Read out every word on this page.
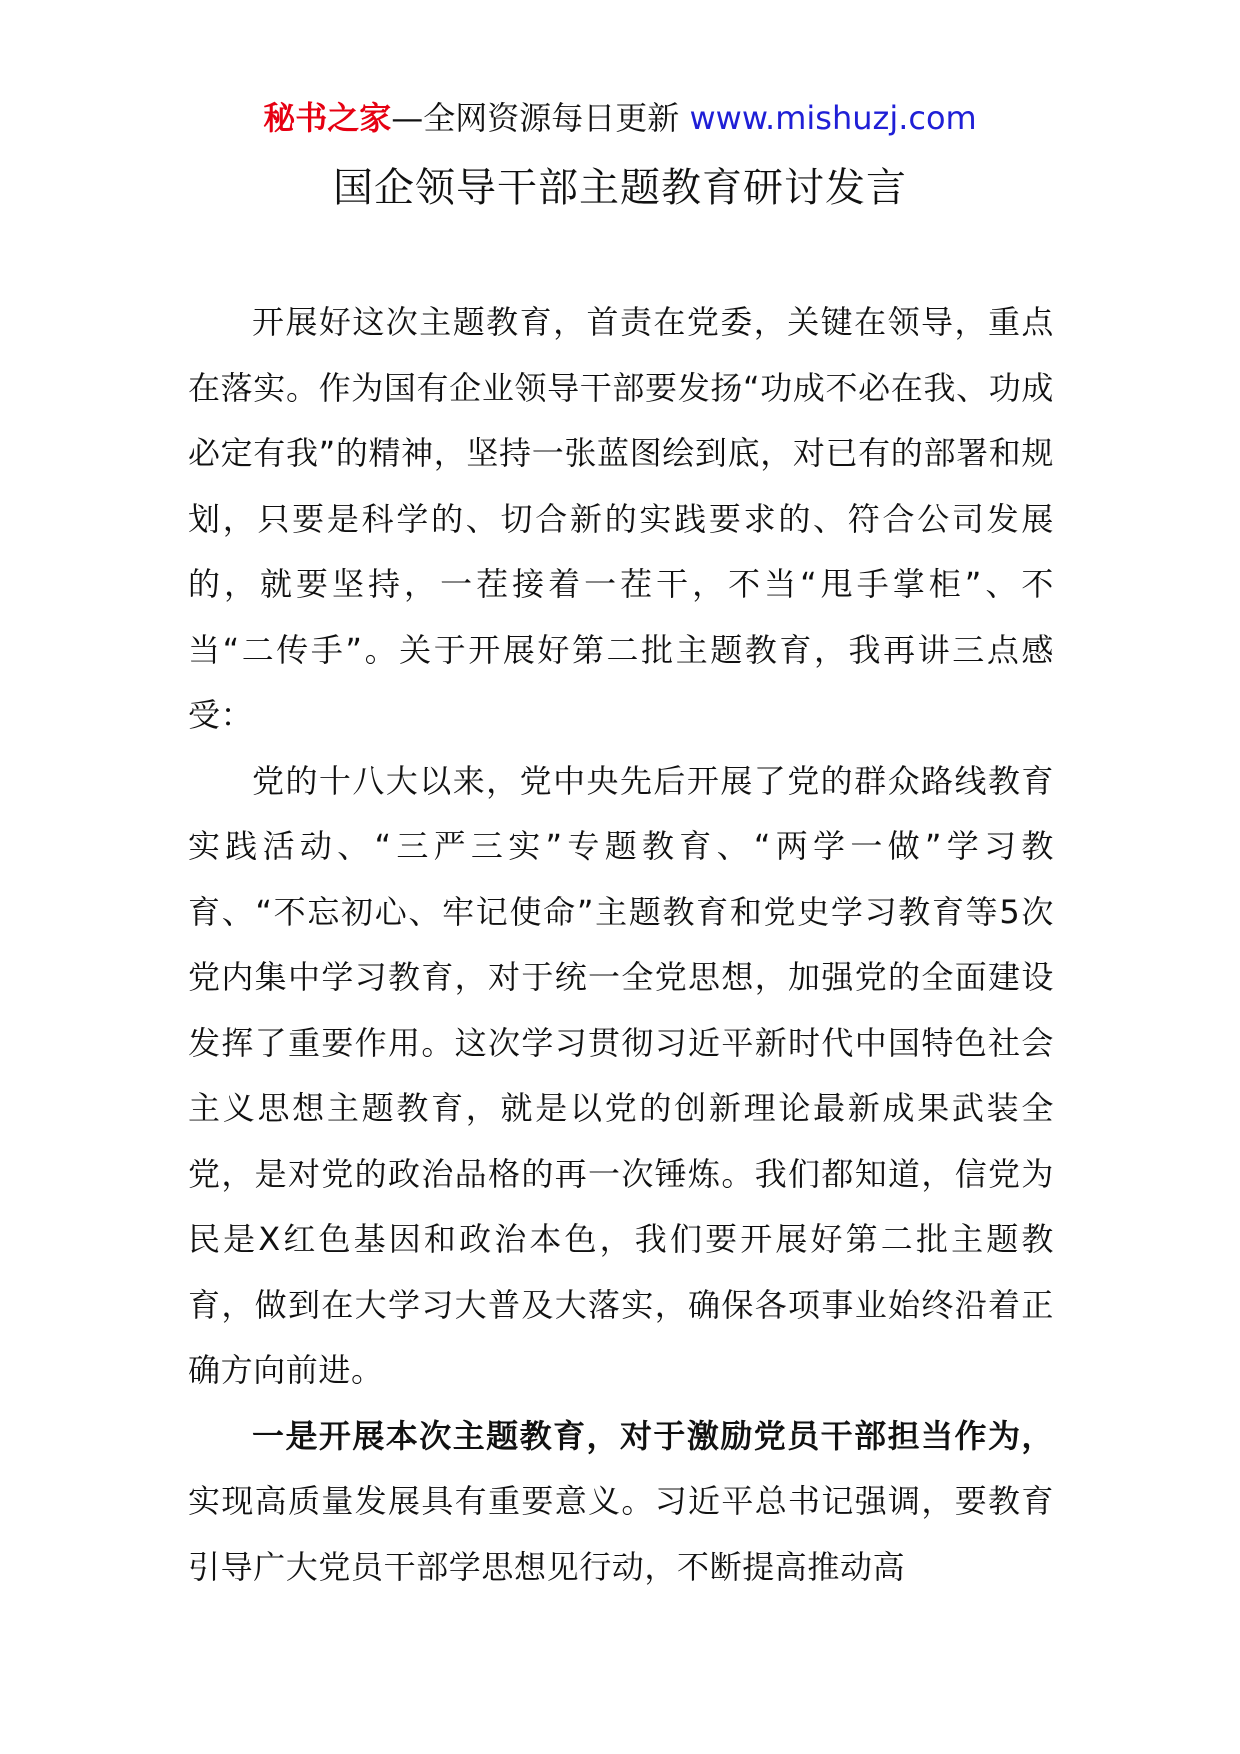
秘书之家—全网资源每日更新 www.mishuzj.com
国企领导干部主题教育研讨发言

开展好这次主题教育，首责在党委，关键在领导，重点在落实。作为国有企业领导干部要发扬“功成不必在我、功成必定有我”的精神，坚持一张蓝图绘到底，对已有的部署和规划，只要是科学的、切合新的实践要求的、符合公司发展的，就要坚持，一茬接着一茬干，不当“甩手掌柜”、不当“二传手”。关于开展好第二批主题教育，我再讲三点感受：

党的十八大以来，党中央先后开展了党的群众路线教育实践活动、“三严三实”专题教育、“两学一做”学习教育、“不忘初心、牢记使命”主题教育和党史学习教育等5次党内集中学习教育，对于统一全党思想，加强党的全面建设发挥了重要作用。这次学习贯彻习近平新时代中国特色社会主义思想主题教育，就是以党的创新理论最新成果武装全党，是对党的政治品格的再一次锤炼。我们都知道，信党为民是X红色基因和政治本色，我们要开展好第二批主题教育，做到在大学习大普及大落实，确保各项事业始终沿着正确方向前进。

一是开展本次主题教育，对于激励党员干部担当作为，实现高质量发展具有重要意义。习近平总书记强调，要教育引导广大党员干部学思想见行动，不断提高推动高
